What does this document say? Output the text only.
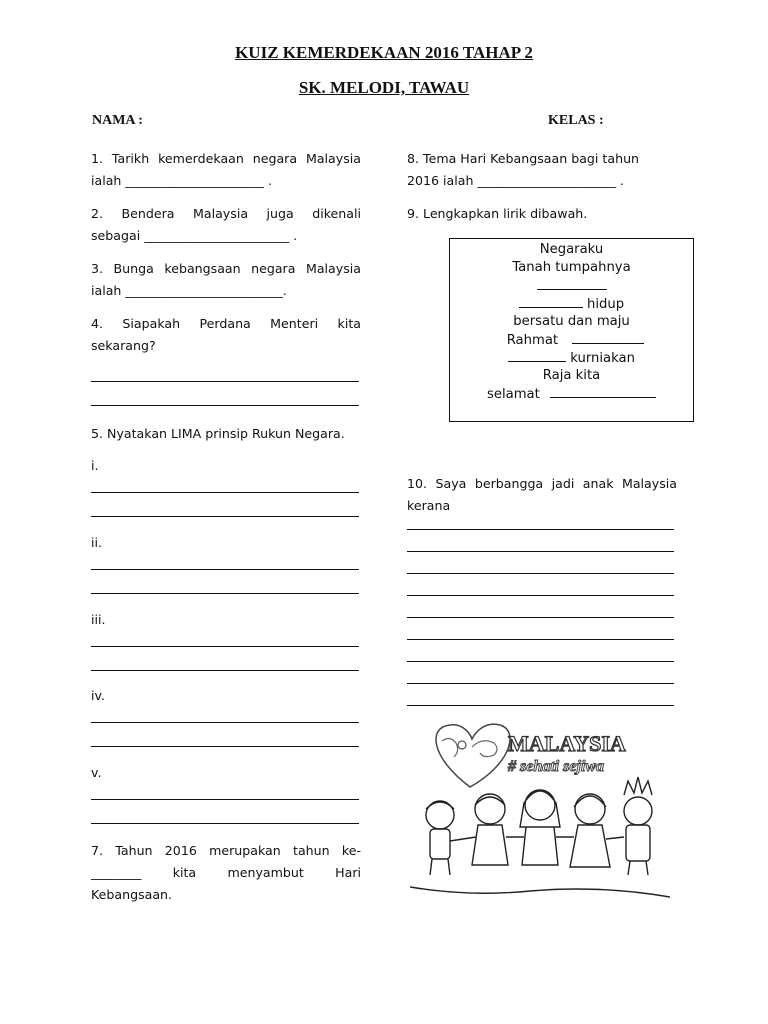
KUIZ KEMERDEKAAN 2016 TAHAP 2
SK. MELODI, TAWAU
NAMA :	KELAS :
1. Tarikh kemerdekaan negara Malaysia
ialah ______________________ .
2. Bendera Malaysia juga dikenali
sebagai _______________________ .
3. Bunga kebangsaan negara Malaysia
ialah _________________________.
4. Siapakah Perdana Menteri kita
sekarang?
5. Nyatakan LIMA prinsip Rukun Negara.
i.
ii.
iii.
iv.
v.
7. Tahun 2016 merupakan tahun ke-
________ kita menyambut Hari
Kebangsaan.
8. Tema Hari Kebangsaan bagi tahun
2016 ialah ______________________ .
9. Lengkapkan lirik dibawah.
Negaraku
Tanah tumpahnya
hidup
bersatu dan maju
Rahmat
kurniakan
Raja kita
selamat
10. Saya berbangga jadi anak Malaysia
kerana
MALAYSIA
# sehati sejiwa
